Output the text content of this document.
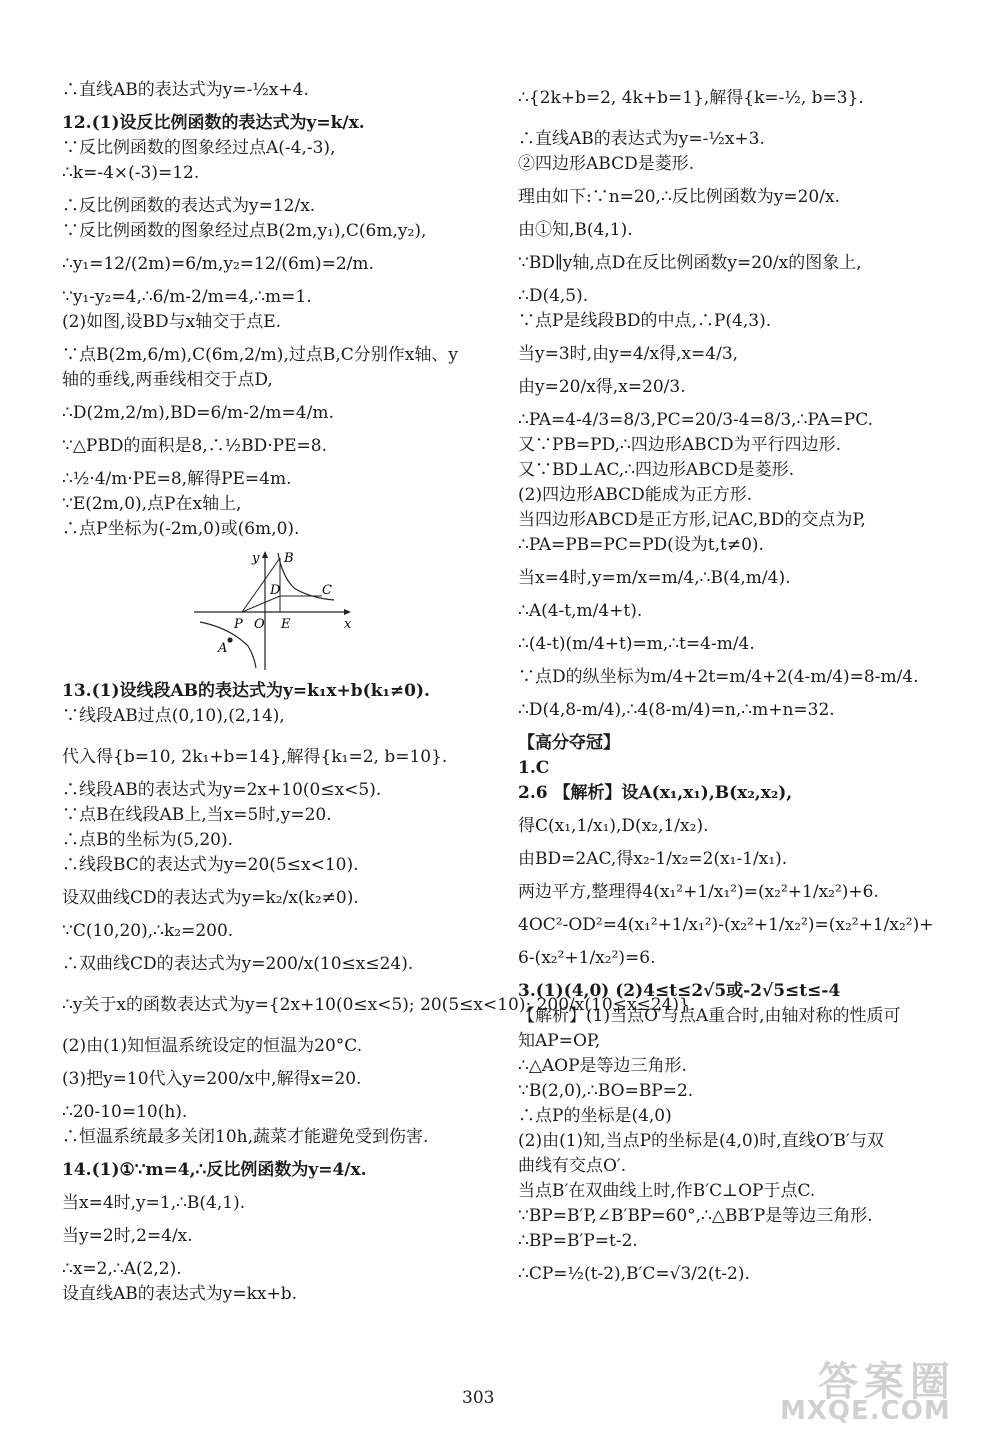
∴直线AB的表达式为y=-½x+4.
12.(1)设反比例函数的表达式为y=k/x.
∵反比例函数的图象经过点A(-4,-3),
∴k=-4×(-3)=12.
∴反比例函数的表达式为y=12/x.
∵反比例函数的图象经过点B(2m,y₁),C(6m,y₂),
∴y₁=12/(2m)=6/m,y₂=12/(6m)=2/m.
∵y₁-y₂=4,∴6/m-2/m=4,∴m=1.
(2)如图,设BD与x轴交于点E.
∵点B(2m,6/m),C(6m,2/m),过点B,C分别作x轴、y
轴的垂线,两垂线相交于点D,
∴D(2m,2/m),BD=6/m-2/m=4/m.
∵△PBD的面积是8,∴½BD·PE=8.
∴½·4/m·PE=8,解得PE=4m.
∵E(2m,0),点P在x轴上,
∴点P坐标为(-2m,0)或(6m,0).
y
x
O E
P
B
D	C
A
13.(1)设线段AB的表达式为y=k₁x+b(k₁≠0).
∵线段AB过点(0,10),(2,14),
代入得{b=10, 2k₁+b=14},解得{k₁=2, b=10}.
∴线段AB的表达式为y=2x+10(0≤x<5).
∵点B在线段AB上,当x=5时,y=20.
∴点B的坐标为(5,20).
∴线段BC的表达式为y=20(5≤x<10).
设双曲线CD的表达式为y=k₂/x(k₂≠0).
∵C(10,20),∴k₂=200.
∴双曲线CD的表达式为y=200/x(10≤x≤24).
∴y关于x的函数表达式为y={2x+10(0≤x<5); 20(5≤x<10); 200/x(10≤x≤24)}.
(2)由(1)知恒温系统设定的恒温为20°C.
(3)把y=10代入y=200/x中,解得x=20.
∴20-10=10(h).
∴恒温系统最多关闭10h,蔬菜才能避免受到伤害.
14.(1)①∵m=4,∴反比例函数为y=4/x.
当x=4时,y=1,∴B(4,1).
当y=2时,2=4/x.
∴x=2,∴A(2,2).
设直线AB的表达式为y=kx+b.
∴{2k+b=2, 4k+b=1},解得{k=-½, b=3}.
∴直线AB的表达式为y=-½x+3.
②四边形ABCD是菱形.
理由如下:∵n=20,∴反比例函数为y=20/x.
由①知,B(4,1).
∵BD∥y轴,点D在反比例函数y=20/x的图象上,
∴D(4,5).
∵点P是线段BD的中点,∴P(4,3).
当y=3时,由y=4/x得,x=4/3,
由y=20/x得,x=20/3.
∴PA=4-4/3=8/3,PC=20/3-4=8/3,∴PA=PC.
又∵PB=PD,∴四边形ABCD为平行四边形.
又∵BD⊥AC,∴四边形ABCD是菱形.
(2)四边形ABCD能成为正方形.
当四边形ABCD是正方形,记AC,BD的交点为P,
∴PA=PB=PC=PD(设为t,t≠0).
当x=4时,y=m/x=m/4,∴B(4,m/4).
∴A(4-t,m/4+t).
∴(4-t)(m/4+t)=m,∴t=4-m/4.
∵点D的纵坐标为m/4+2t=m/4+2(4-m/4)=8-m/4.
∴D(4,8-m/4),∴4(8-m/4)=n,∴m+n=32.
【高分夺冠】
1.C
2.6 【解析】设A(x₁,x₁),B(x₂,x₂),
得C(x₁,1/x₁),D(x₂,1/x₂).
由BD=2AC,得x₂-1/x₂=2(x₁-1/x₁).
两边平方,整理得4(x₁²+1/x₁²)=(x₂²+1/x₂²)+6.
4OC²-OD²=4(x₁²+1/x₁²)-(x₂²+1/x₂²)=(x₂²+1/x₂²)+
6-(x₂²+1/x₂²)=6.
3.(1)(4,0) (2)4≤t≤2√5或-2√5≤t≤-4
【解析】(1)当点O′与点A重合时,由轴对称的性质可
知AP=OP,
∴△AOP是等边三角形.
∵B(2,0),∴BO=BP=2.
∴点P的坐标是(4,0)
(2)由(1)知,当点P的坐标是(4,0)时,直线O′B′与双
曲线有交点O′.
当点B′在双曲线上时,作B′C⊥OP于点C.
∵BP=B′P,∠B′BP=60°,∴△BB′P是等边三角形.
∴BP=B′P=t-2.
∴CP=½(t-2),B′C=√3/2(t-2).
303	答案圈
MXQE.COM
